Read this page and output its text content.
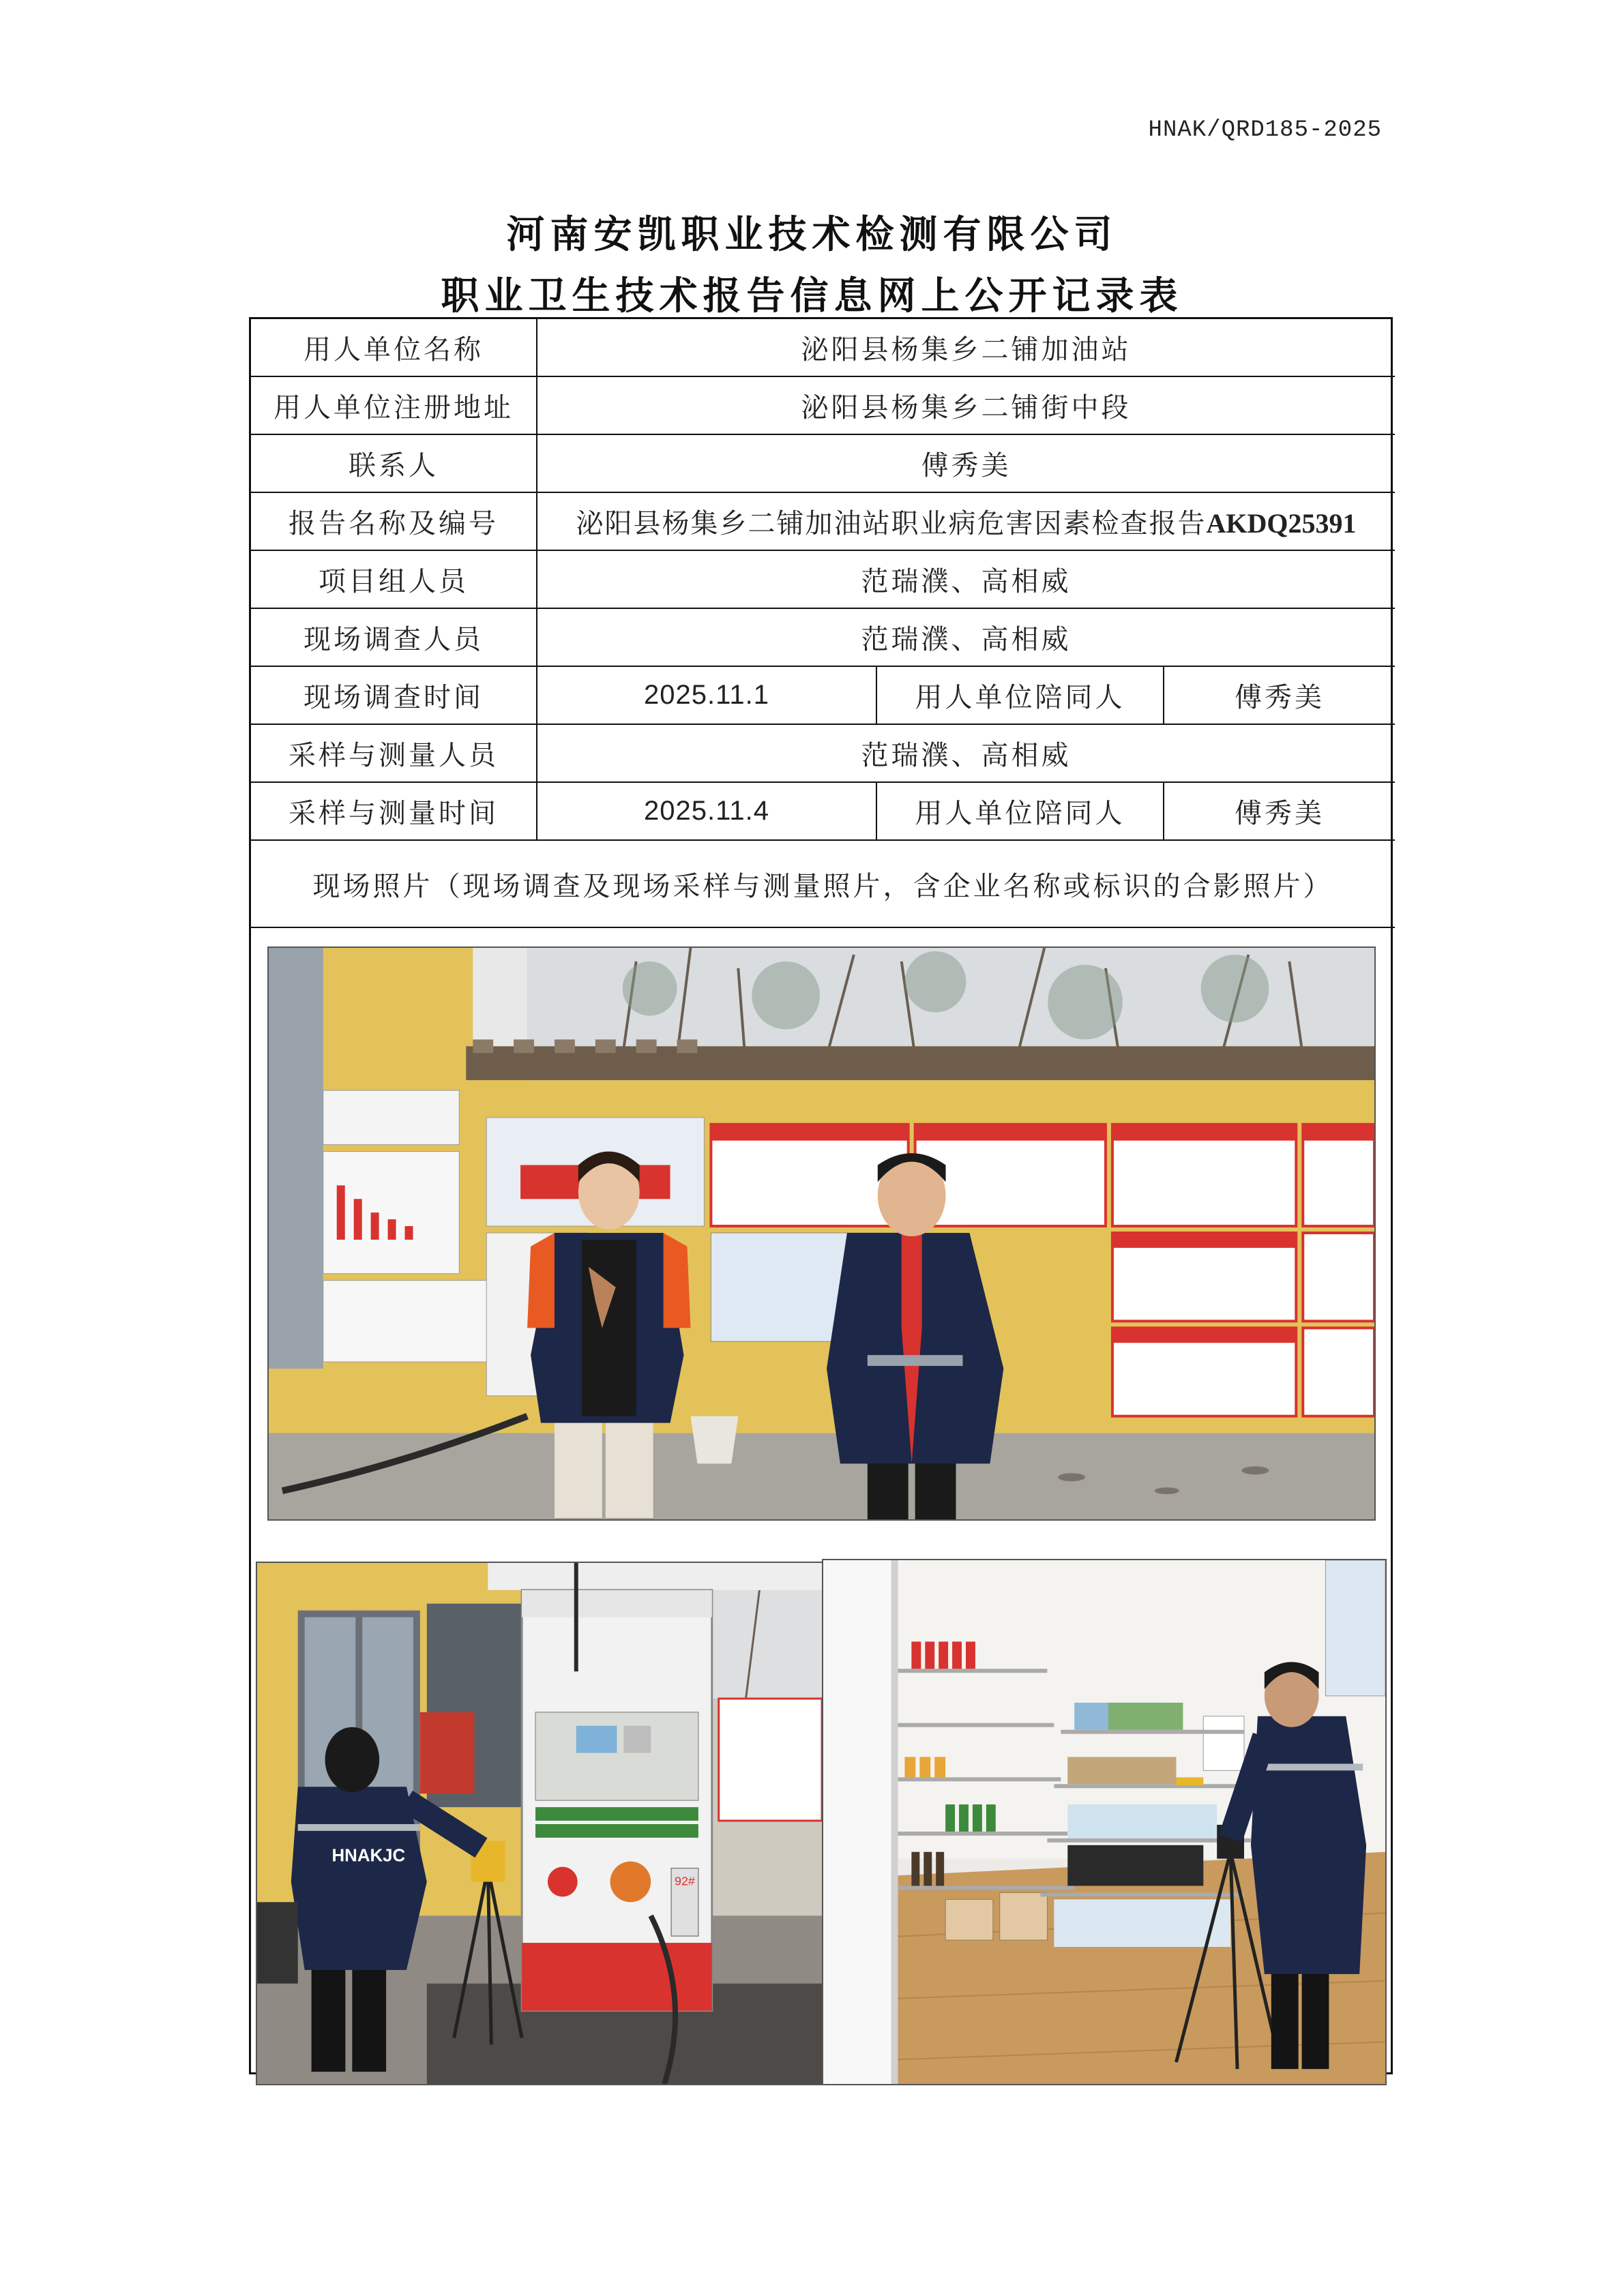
HNAK/QRD185-2025
河南安凯职业技术检测有限公司
职业卫生技术报告信息网上公开记录表
用人单位名称	泌阳县杨集乡二铺加油站		
用人单位注册地址	泌阳县杨集乡二铺街中段		
联系人	傅秀美		
报告名称及编号	泌阳县杨集乡二铺加油站职业病危害因素检查报告AKDQ25391		
项目组人员	范瑞濮、高相威		
现场调查人员	范瑞濮、高相威		
现场调查时间	2025.11.1	用人单位陪同人	傅秀美
采样与测量人员	范瑞濮、高相威		
采样与测量时间	2025.11.4	用人单位陪同人	傅秀美
现场照片（现场调查及现场采样与测量照片，含企业名称或标识的合影照片）			
92#
HNAKJC
